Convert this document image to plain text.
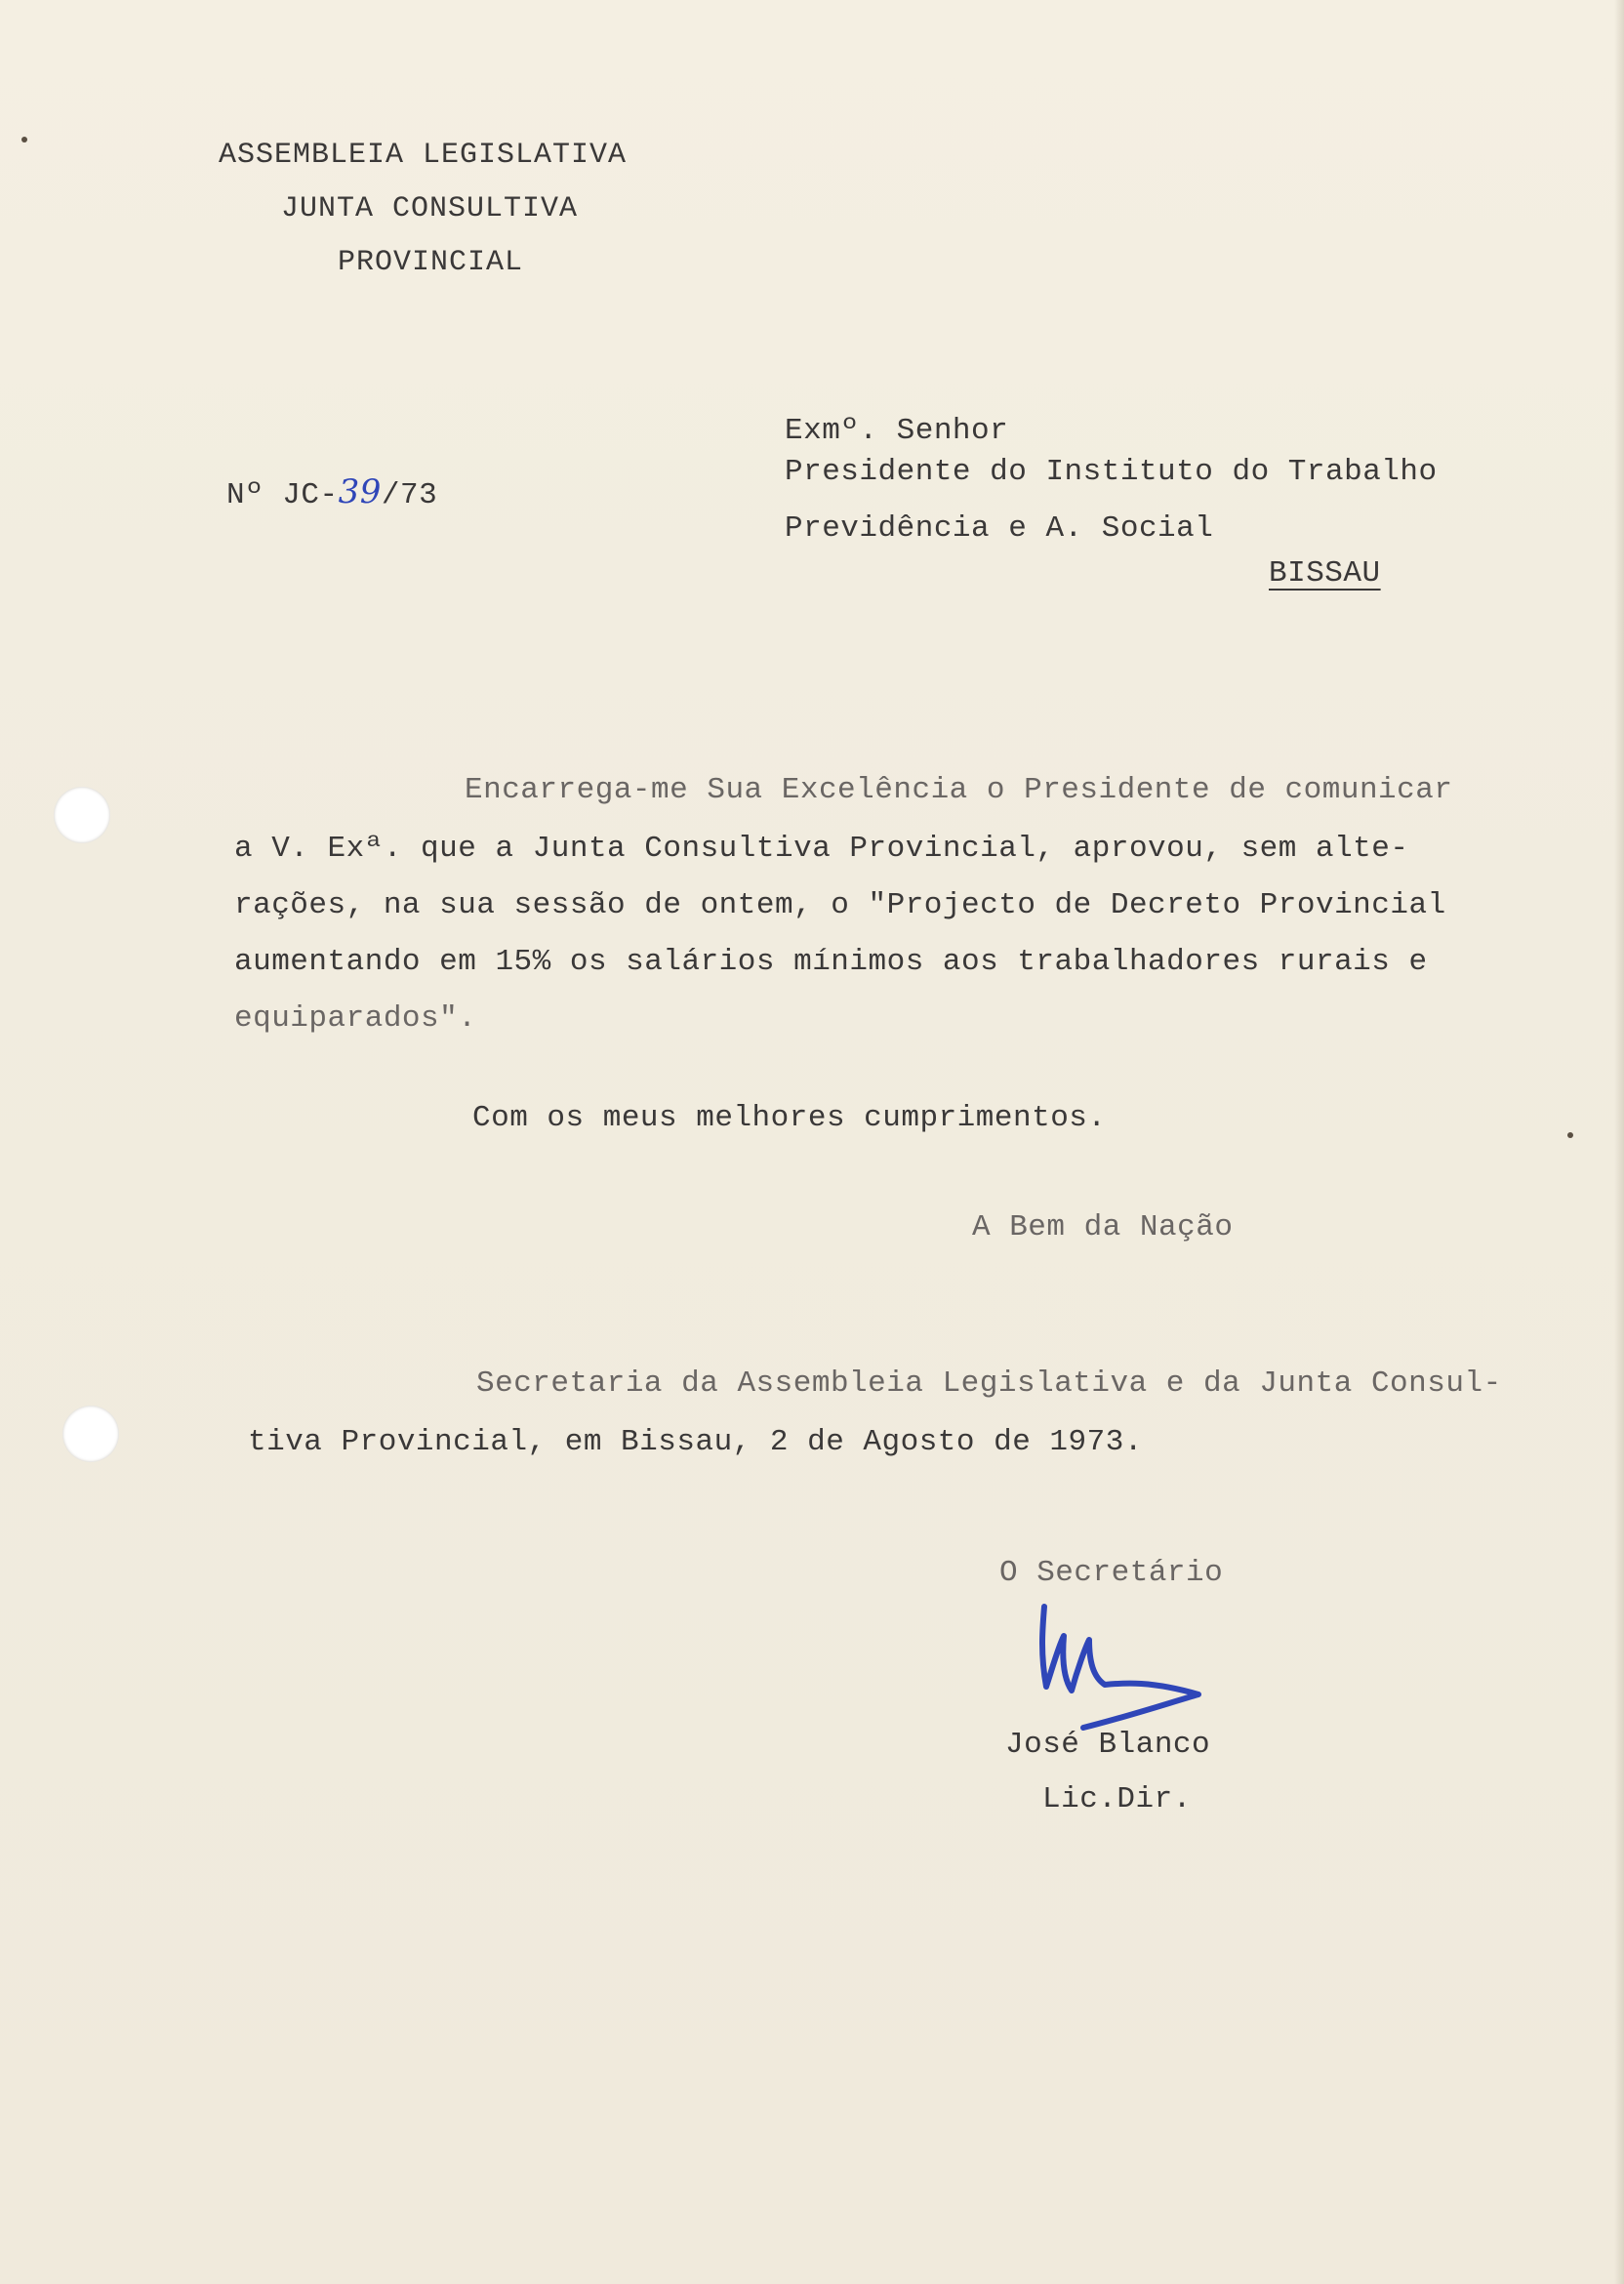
ASSEMBLEIA LEGISLATIVA
JUNTA CONSULTIVA
PROVINCIAL
Nº JC-39/73
Exmº. Senhor
Presidente do Instituto do Trabalho
Previdência e A. Social
BISSAU
Encarrega-me Sua Excelência o Presidente de comunicar
a V. Exª. que a Junta Consultiva Provincial, aprovou, sem alte-
rações, na sua sessão de ontem, o "Projecto de Decreto Provincial
aumentando em 15% os salários mínimos aos trabalhadores rurais e
equiparados".
Com os meus melhores cumprimentos.
A Bem da Nação
Secretaria da Assembleia Legislativa e da Junta Consul-
tiva Provincial, em Bissau, 2 de Agosto de 1973.
O Secretário
José Blanco
Lic.Dir.
